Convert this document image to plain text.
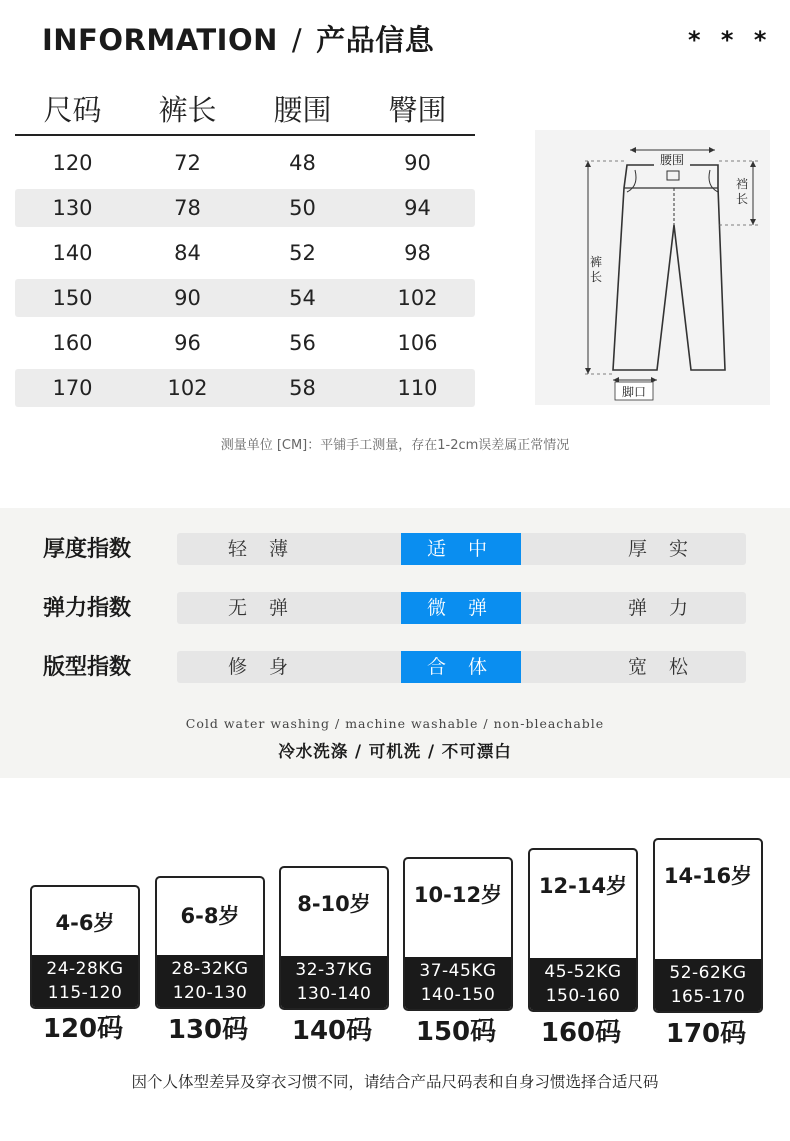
INFORMATION / 产品信息	* * *
尺码	裤长	腰围	臀围
120	72	48	90
130	78	50	94
140	84	52	98
150	90	54	102
160	96	56	106
170	102	58	110
腰围
裆长
裤长
脚口
测量单位 [CM]：平铺手工测量，存在1-2cm误差属正常情况
厚度指数	轻 薄	适 中	厚 实
弹力指数	无 弹	微 弹	弹 力
版型指数	修 身	合 体	宽 松
Cold water washing / machine washable / non-bleachable
冷水洗涤 / 可机洗 / 不可漂白
4-6岁
24-28KG
115-120
120码
6-8岁
28-32KG
120-130
130码
8-10岁
32-37KG
130-140
140码
10-12岁
37-45KG
140-150
150码
12-14岁
45-52KG
150-160
160码
14-16岁
52-62KG
165-170
170码
因个人体型差异及穿衣习惯不同，请结合产品尺码表和自身习惯选择合适尺码
